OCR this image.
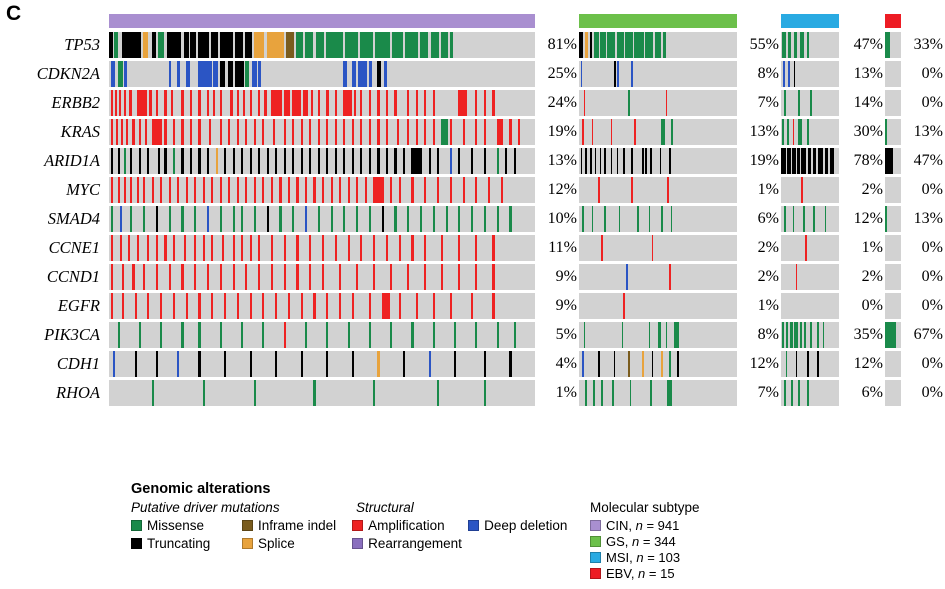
C
TP53	81%	55%	47%	33%
CDKN2A	25%	8%	13%	0%
ERBB2	24%	7%	14%	0%
KRAS	19%	13%	30%	13%
ARID1A	13%	19%	78%	47%
MYC	12%	1%	2%	0%
SMAD4	10%	6%	12%	13%
CCNE1	11%	2%	1%	0%
CCND1	9%	2%	2%	0%
EGFR	9%	1%	0%	0%
PIK3CA	5%	8%	35%	67%
CDH1	4%	12%	12%	0%
RHOA	1%	7%	6%	0%
Genomic alterations
Putative driver mutations	Structural
Missense
Truncating
Inframe indel
Splice
Amplification
Rearrangement
Deep deletion
Molecular subtype
CIN, n = 941
GS, n = 344
MSI, n = 103
EBV, n = 15
